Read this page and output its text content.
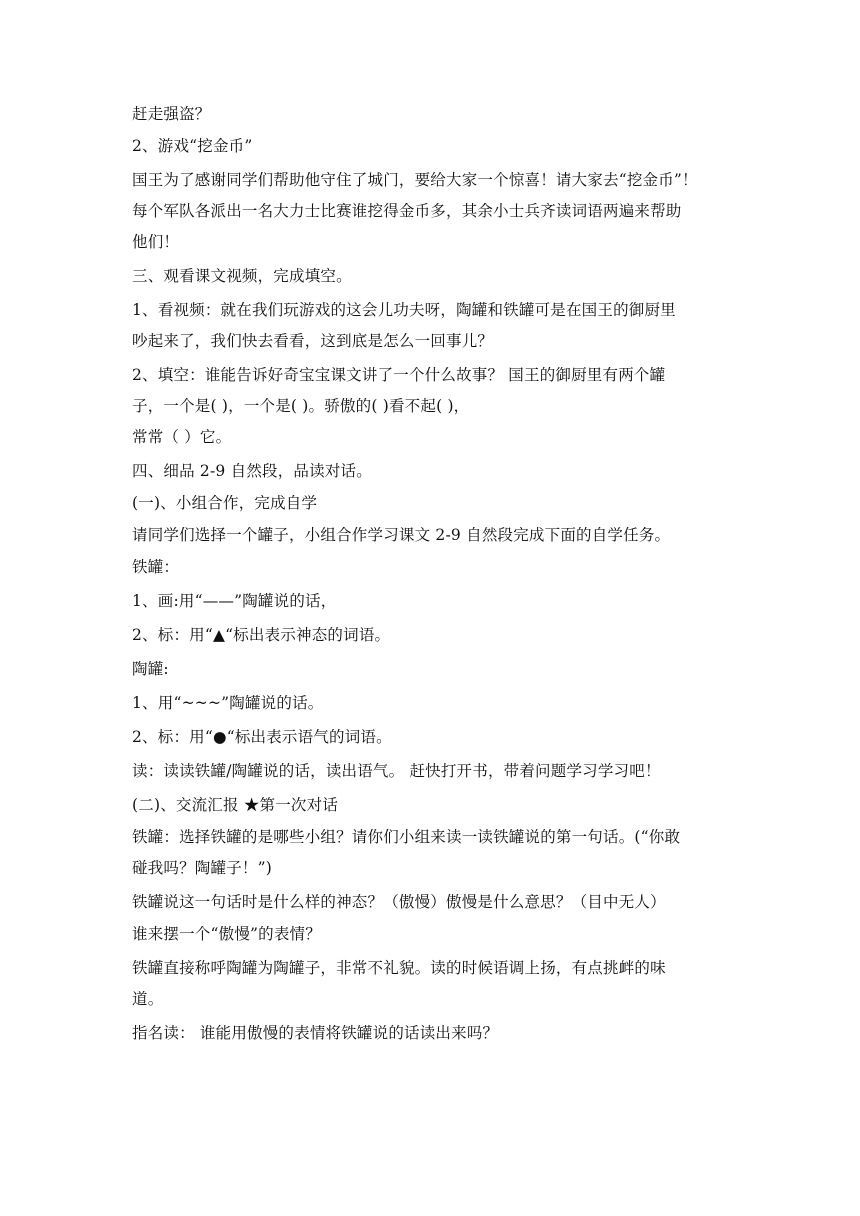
赶走强盗？

2、游戏“挖金币”

国王为了感谢同学们帮助他守住了城门，要给大家一个惊喜！请大家去“挖金币”！

每个军队各派出一名大力士比赛谁挖得金币多，其余小士兵齐读词语两遍来帮助

他们！

三、观看课文视频，完成填空。

1、看视频：就在我们玩游戏的这会儿功夫呀，陶罐和铁罐可是在国王的御厨里

吵起来了，我们快去看看，这到底是怎么一回事儿？

2、填空：谁能告诉好奇宝宝课文讲了一个什么故事？ 国王的御厨里有两个罐

子，一个是( )，一个是( )。骄傲的( )看不起( )，

常常（ ）它。

四、细品 2-9 自然段，品读对话。

(一)、小组合作，完成自学

请同学们选择一个罐子，小组合作学习课文 2-9 自然段完成下面的自学任务。

铁罐：

1、画:用“——”陶罐说的话，

2、标：用“▲“标出表示神态的词语。

陶罐:

1、用“~~~”陶罐说的话。

2、标：用“●“标出表示语气的词语。

读：读读铁罐/陶罐说的话，读出语气。 赶快打开书，带着问题学习学习吧！

(二)、交流汇报 ★第一次对话

铁罐：选择铁罐的是哪些小组？请你们小组来读一读铁罐说的第一句话。(“你敢

碰我吗？陶罐子！”)

铁罐说这一句话时是什么样的神态？（傲慢）傲慢是什么意思？（目中无人）

谁来摆一个“傲慢”的表情？

铁罐直接称呼陶罐为陶罐子，非常不礼貌。读的时候语调上扬，有点挑衅的味

道。

指名读： 谁能用傲慢的表情将铁罐说的话读出来吗？
